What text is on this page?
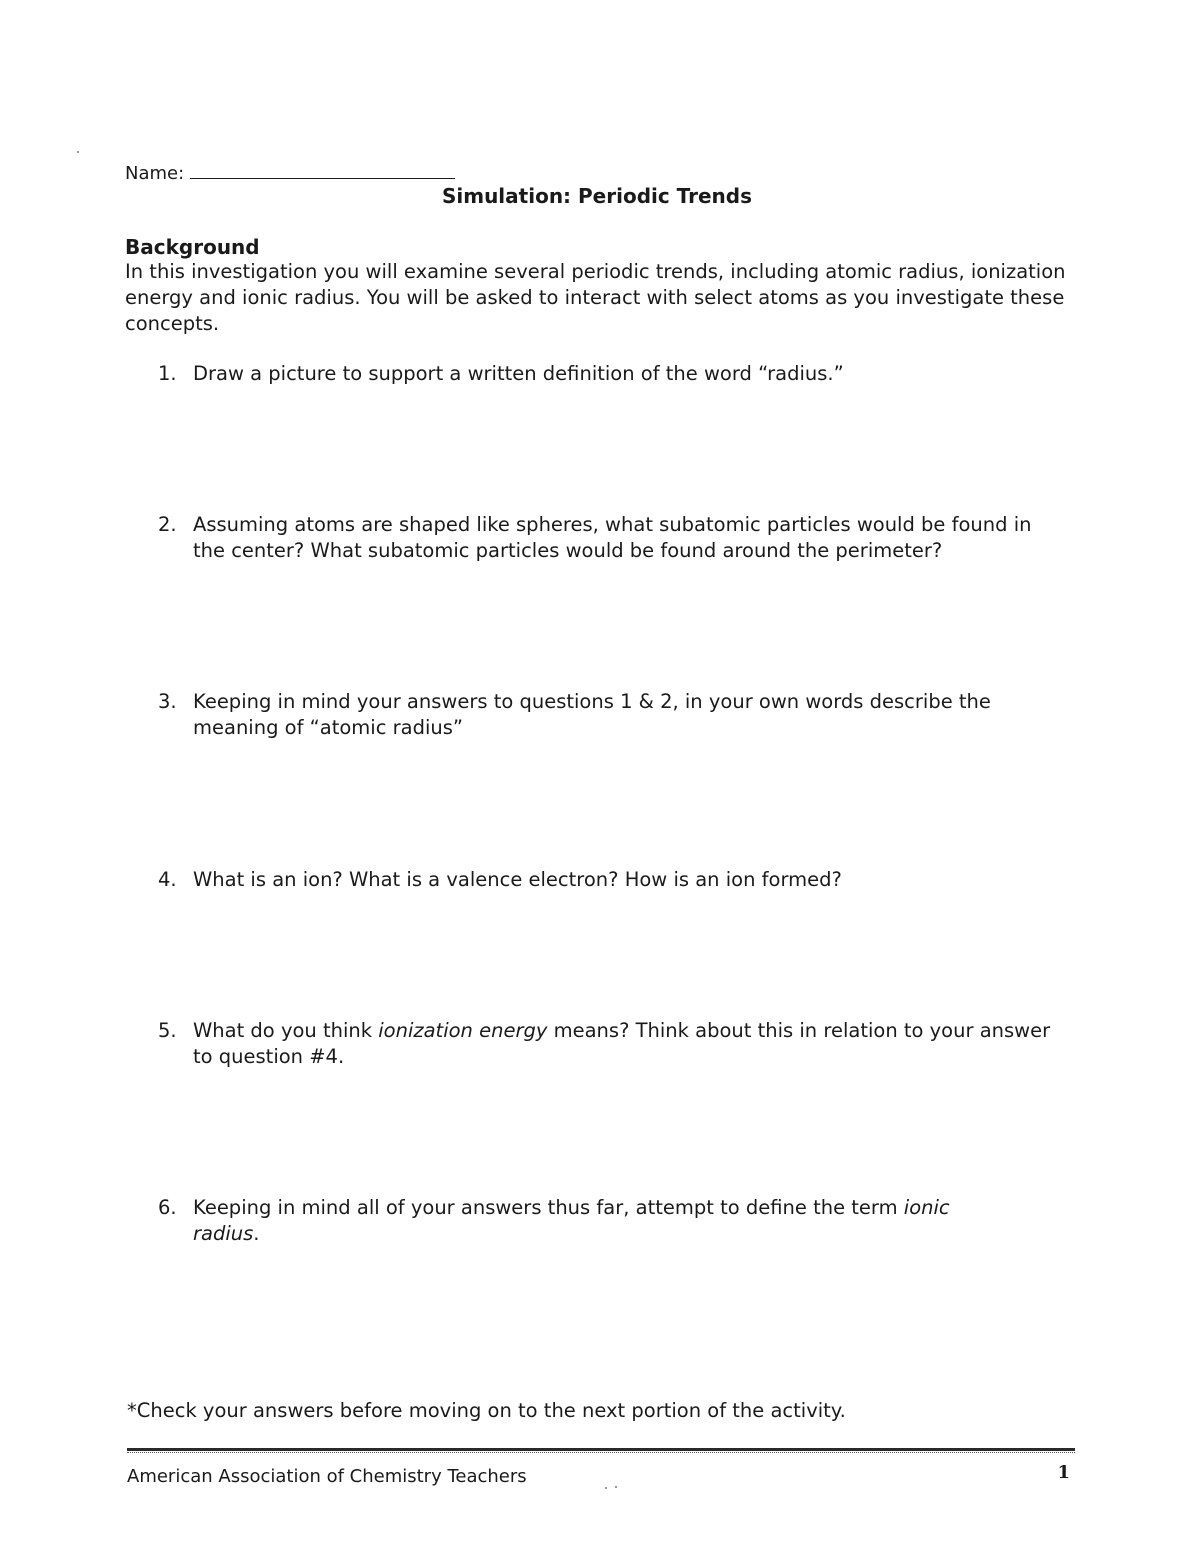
Name:
Simulation: Periodic Trends
Background

In this investigation you will examine several periodic trends, including atomic radius, ionization energy and ionic radius. You will be asked to interact with select atoms as you investigate these concepts.

1. Draw a picture to support a written definition of the word “radius.”
2. Assuming atoms are shaped like spheres, what subatomic particles would be found in the center? What subatomic particles would be found around the perimeter?
3. Keeping in mind your answers to questions 1 & 2, in your own words describe the meaning of “atomic radius”
4. What is an ion? What is a valence electron? How is an ion formed?
5. What do you think ionization energy means? Think about this in relation to your answer to question #4.
6. Keeping in mind all of your answers thus far, attempt to define the term ionic radius.
*Check your answers before moving on to the next portion of the activity.
American Association of Chemistry Teachers	1
